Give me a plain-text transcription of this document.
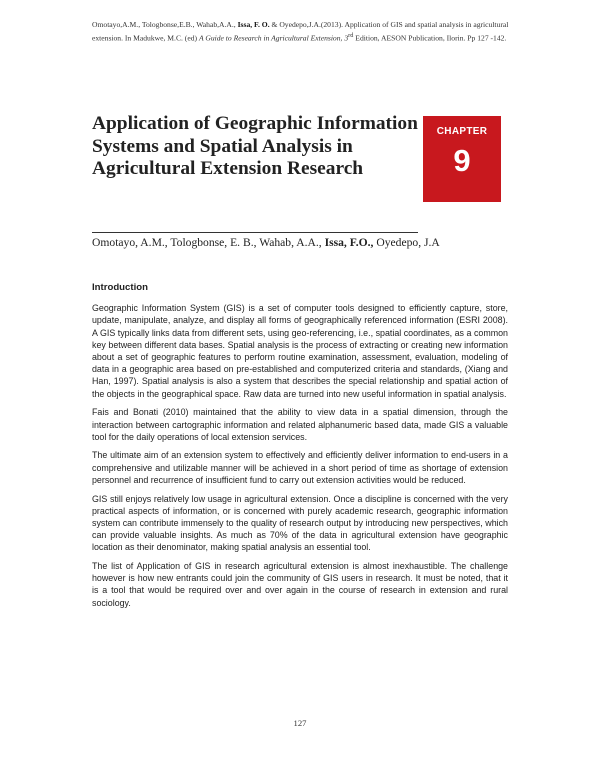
Omotayo,A.M., Tologbonse,E.B., Wahab,A.A., Issa, F. O. & Oyedepo,J.A.(2013). Application of GIS and spatial analysis in agricultural extension. In Madukwe, M.C. (ed) A Guide to Research in Agricultural Extension, 3rd Edition, AESON Publication, Ilorin. Pp 127 -142.
Application of Geographic Information Systems and Spatial Analysis in Agricultural Extension Research
CHAPTER
9
Omotayo, A.M., Tologbonse, E. B., Wahab, A.A., Issa, F.O., Oyedepo, J.A
Introduction

Geographic Information System (GIS) is a set of computer tools designed to efficiently capture, store, update, manipulate, analyze, and display all forms of geographically referenced information (ESRI 2008). A GIS typically links data from different sets, using geo-referencing, i.e., spatial coordinates, as a common key between different data bases. Spatial analysis is the process of extracting or creating new information about a set of geographic features to perform routine examination, assessment, evaluation, modeling of data in a geographic area based on pre-established and computerized criteria and standards, (Xiang and Han, 1997). Spatial analysis is also a system that describes the special relationship and spatial action of the objects in the geographical space. Raw data are turned into new useful information in spatial analysis.

Fais and Bonati (2010) maintained that the ability to view data in a spatial dimension, through the interaction between cartographic information and related alphanumeric based data, made GIS a valuable tool for the daily operations of local extension services.

The ultimate aim of an extension system to effectively and efficiently deliver information to end-users in a comprehensive and utilizable manner will be achieved in a short period of time as shortage of extension personnel and recurrence of insufficient fund to carry out extension activities would be reduced.

GIS still enjoys relatively low usage in agricultural extension. Once a discipline is concerned with the very practical aspects of information, or is concerned with purely academic research, geographic information system can contribute immensely to the quality of research output by introducing new perspectives, which can provide valuable insights. As much as 70% of the data in agricultural extension have geographic location as their denominator, making spatial analysis an essential tool.

The list of Application of GIS in research agricultural extension is almost inexhaustible. The challenge however is how new entrants could join the community of GIS users in research. It must be noted, that it is a tool that would be required over and over again in the course of research in extension and rural sociology.

127
